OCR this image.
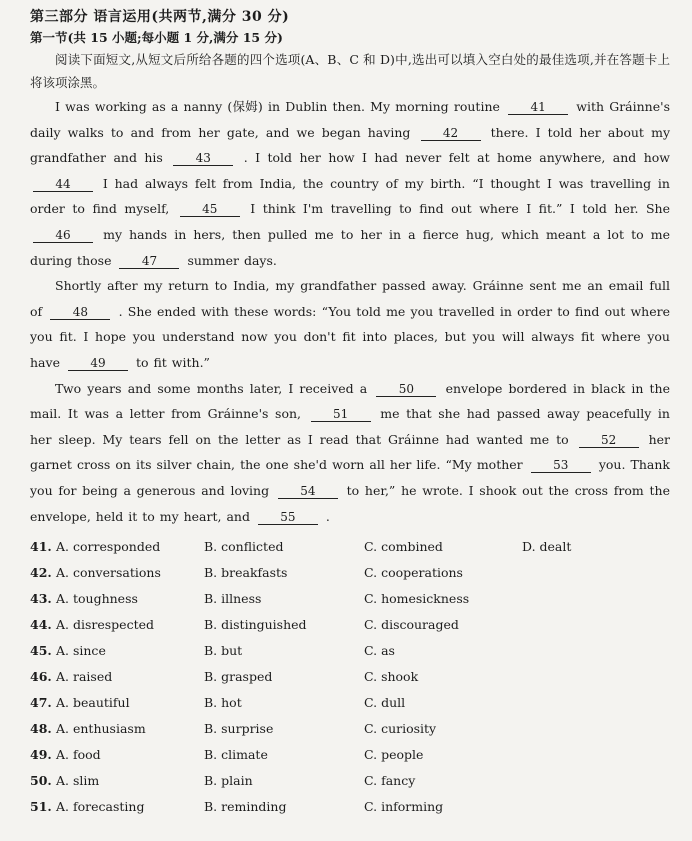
第三部分 语言运用(共两节,满分 30 分)
第一节(共 15 小题;每小题 1 分,满分 15 分)
阅读下面短文,从短文后所给各题的四个选项(A、B、C 和 D)中,选出可以填入空白处的最佳选项,并在答题卡上将该项涂黑。
I was working as a nanny (保姆) in Dublin then. My morning routine	41 with Gráinne's daily walks to and from her gate, and we began having	42	there. I told her about my grandfather and his	43	. I told her how I had never felt at home anywhere, and how 44	I had always felt from India, the country of my birth. “I thought I was travelling in order to find myself,	45	I think I'm travelling to find out where I fit.” I told her. She 46	my hands in hers, then pulled me to her in a fierce hug, which meant a lot to me during those	47 summer days.
Shortly after my return to India, my grandfather passed away. Gráinne sent me an email full of	48 . She ended with these words: “You told me you travelled in order to find out where you fit. I hope you understand now you don't fit into places, but you will always fit where you have	49 to fit with.”
Two years and some months later, I received a	50	envelope bordered in black in the mail. It was a letter from Gráinne's son,	51	me that she had passed away peacefully in her sleep. My tears fell on the letter as I read that Gráinne had wanted me to	52	her garnet cross on its silver chain, the one she'd worn all her life. “My mother	53 you. Thank you for being a generous and loving	54 to her,” he wrote. I shook out the cross from the envelope, held it to my heart, and	55 .
41. A. corresponded	B. conflicted	C. combined	D. dealt
42. A. conversations	B. breakfasts	C. cooperations
43. A. toughness	B. illness	C. homesickness
44. A. disrespected	B. distinguished	C. discouraged
45. A. since	B. but	C. as
46. A. raised	B. grasped	C. shook
47. A. beautiful	B. hot	C. dull
48. A. enthusiasm	B. surprise	C. curiosity
49. A. food	B. climate	C. people
50. A. slim	B. plain	C. fancy
51. A. forecasting	B. reminding	C. informing
